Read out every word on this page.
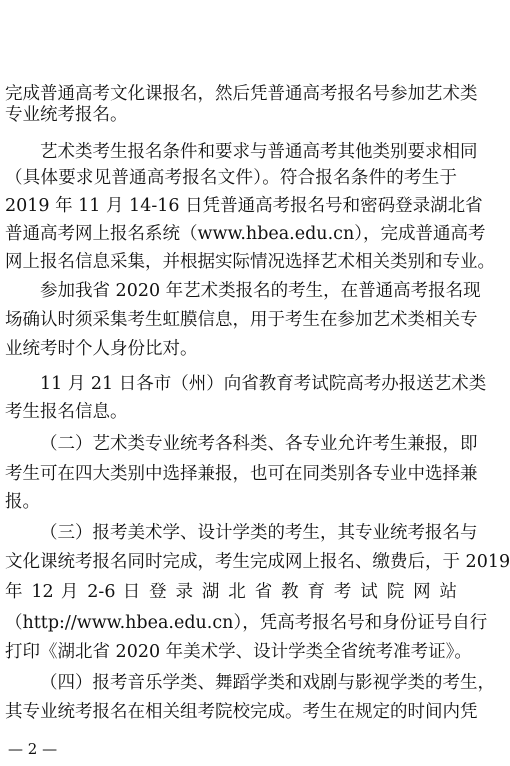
完成普通高考文化课报名，然后凭普通高考报名号参加艺术类
专业统考报名。
艺术类考生报名条件和要求与普通高考其他类别要求相同
（具体要求见普通高考报名文件）。符合报名条件的考生于
2019 年 11 月 14-16 日凭普通高考报名号和密码登录湖北省
普通高考网上报名系统（www.hbea.edu.cn），完成普通高考
网上报名信息采集，并根据实际情况选择艺术相关类别和专业。
参加我省 2020 年艺术类报名的考生，在普通高考报名现
场确认时须采集考生虹膜信息，用于考生在参加艺术类相关专
业统考时个人身份比对。
11 月 21 日各市（州）向省教育考试院高考办报送艺术类
考生报名信息。
（二）艺术类专业统考各科类、各专业允许考生兼报，即
考生可在四大类别中选择兼报，也可在同类别各专业中选择兼
报。
（三）报考美术学、设计学类的考生，其专业统考报名与
文化课统考报名同时完成，考生完成网上报名、缴费后，于 2019
年 12 月 2-6 日 登 录 湖 北 省 教 育 考 试 院 网 站
（http://www.hbea.edu.cn），凭高考报名号和身份证号自行
打印《湖北省 2020 年美术学、设计学类全省统考准考证》。
（四）报考音乐学类、舞蹈学类和戏剧与影视学类的考生，
其专业统考报名在相关组考院校完成。考生在规定的时间内凭
— 2 —
